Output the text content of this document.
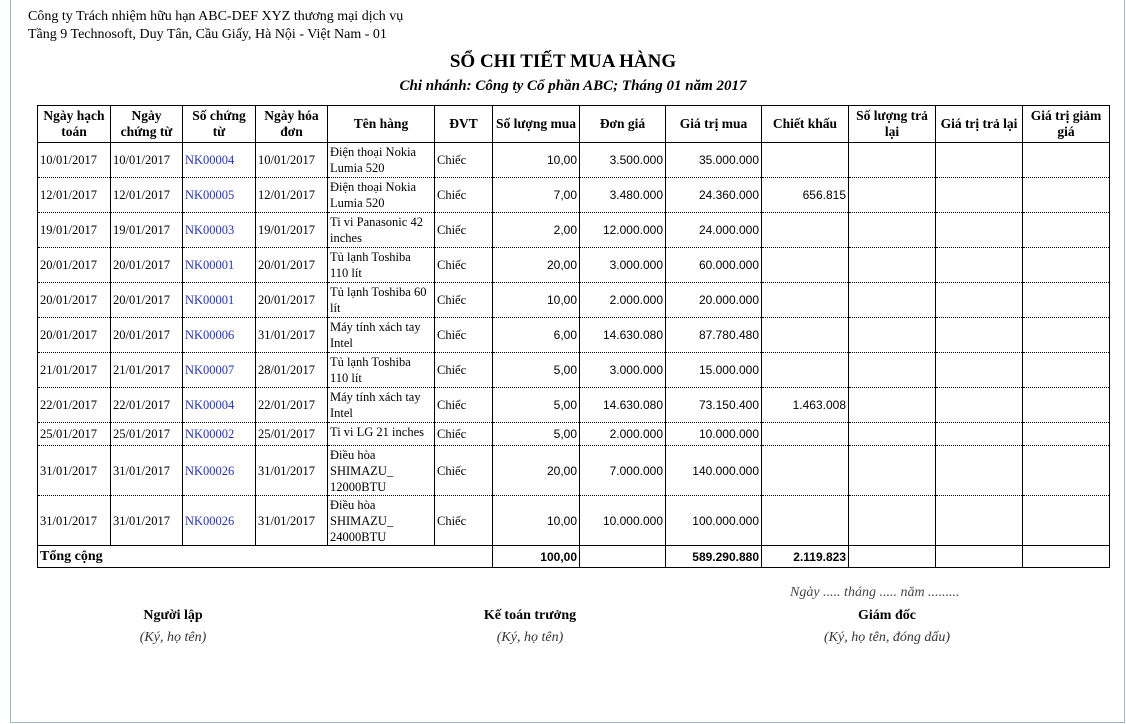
Công ty Trách nhiệm hữu hạn ABC-DEF XYZ thương mại dịch vụ
Tầng 9 Technosoft, Duy Tân, Cầu Giấy, Hà Nội - Việt Nam - 01
SỔ CHI TIẾT MUA HÀNG
Chi nhánh: Công ty Cổ phần ABC; Tháng 01 năm 2017
Ngày hạch toán	Ngày chứng từ	Số chứng từ	Ngày hóa đơn	Tên hàng	ĐVT	Số lượng mua	Đơn giá	Giá trị mua	Chiết khấu	Số lượng trả lại	Giá trị trả lại	Giá trị giảm giá
10/01/2017	10/01/2017	NK00004	10/01/2017	Điện thoại Nokia Lumia 520	Chiếc	10,00	3.500.000	35.000.000				
12/01/2017	12/01/2017	NK00005	12/01/2017	Điện thoại Nokia Lumia 520	Chiếc	7,00	3.480.000	24.360.000	656.815			
19/01/2017	19/01/2017	NK00003	19/01/2017	Ti vi Panasonic 42 inches	Chiếc	2,00	12.000.000	24.000.000				
20/01/2017	20/01/2017	NK00001	20/01/2017	Tủ lạnh Toshiba 110 lít	Chiếc	20,00	3.000.000	60.000.000				
20/01/2017	20/01/2017	NK00001	20/01/2017	Tủ lạnh Toshiba 60 lít	Chiếc	10,00	2.000.000	20.000.000				
20/01/2017	20/01/2017	NK00006	31/01/2017	Máy tính xách tay Intel	Chiếc	6,00	14.630.080	87.780.480				
21/01/2017	21/01/2017	NK00007	28/01/2017	Tủ lạnh Toshiba 110 lít	Chiếc	5,00	3.000.000	15.000.000				
22/01/2017	22/01/2017	NK00004	22/01/2017	Máy tính xách tay Intel	Chiếc	5,00	14.630.080	73.150.400	1.463.008			
25/01/2017	25/01/2017	NK00002	25/01/2017	Ti vi LG 21 inches	Chiếc	5,00	2.000.000	10.000.000				
31/01/2017	31/01/2017	NK00026	31/01/2017	Điều hòa SHIMAZU_ 12000BTU	Chiếc	20,00	7.000.000	140.000.000				
31/01/2017	31/01/2017	NK00026	31/01/2017	Điều hòa SHIMAZU_ 24000BTU	Chiếc	10,00	10.000.000	100.000.000				
Tổng cộng						100,00		589.290.880	2.119.823			
Ngày ..... tháng ..... năm .........
Người lập
(Ký, họ tên)
Kế toán trưởng
(Ký, họ tên)
Giám đốc
(Ký, họ tên, đóng dấu)
